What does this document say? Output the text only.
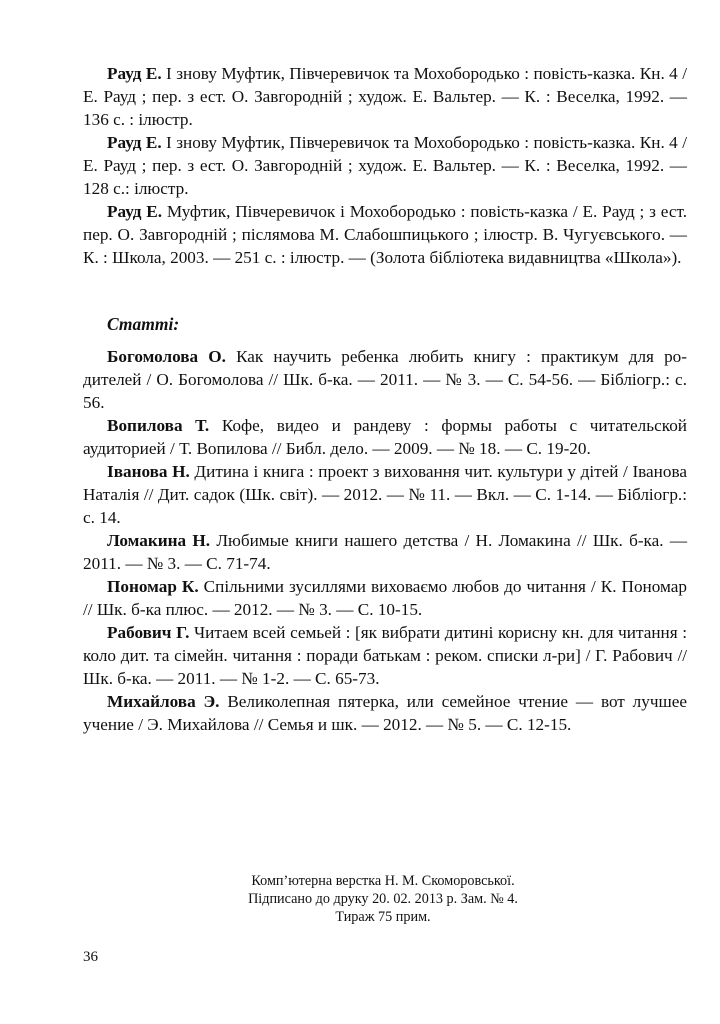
Рауд Е. І знову Муфтик, Півчеревичок та Мохобородько : повість-казка. Кн. 4 / Е. Рауд ; пер. з ест. О. Завгородній ; худож. Е. Вальтер. — К. : Веселка, 1992. — 136 с. : ілюстр.

Рауд Е. І знову Муфтик, Півчеревичок та Мохобородько : повість-казка. Кн. 4 / Е. Рауд ; пер. з ест. О. Завгородній ; худож. Е. Вальтер. — К. : Веселка, 1992. — 128 с.: ілюстр.

Рауд Е. Муфтик, Півчеревичок і Мохобородько : повість-казка / Е. Рауд ; з ест. пер. О. Завгородній ; післямова М. Слабошпицького ; ілюстр. В. Чугуєвського. — К. : Школа, 2003. — 251 с. : ілюстр. — (Золота бібліотека видавництва «Школа»).

Статті:

Богомолова О. Как научить ребенка любить книгу : практикум для ро-дителей / О. Богомолова // Шк. б-ка. — 2011. — № 3. — С. 54-56. — Бібліогр.: с. 56.

Вопилова Т. Кофе, видео и рандеву : формы работы с читательской аудиторией / Т. Вопилова // Библ. дело. — 2009. — № 18. — С. 19-20.

Іванова Н. Дитина і книга : проект з виховання чит. культури у дітей / Іванова Наталія // Дит. садок (Шк. світ). — 2012. — № 11. — Вкл. — С. 1-14. — Бібліогр.: с. 14.

Ломакина Н. Любимые книги нашего детства / Н. Ломакина // Шк. б-ка. — 2011. — № 3. — С. 71-74.

Пономар К. Спільними зусиллями виховаємо любов до читання / К. Пономар // Шк. б-ка плюс. — 2012. — № 3. — С. 10-15.

Рабович Г. Читаем всей семьей : [як вибрати дитині корисну кн. для читання : коло дит. та сімейн. читання : поради батькам : реком. списки л-ри] / Г. Рабович // Шк. б-ка. — 2011. — № 1-2. — С. 65-73.

Михайлова Э. Великолепная пятерка, или семейное чтение — вот лучшее учение / Э. Михайлова // Семья и шк. — 2012. — № 5. — С. 12-15.

Комп’ютерна верстка Н. М. Скоморовської.
Підписано до друку 20. 02. 2013 р. Зам. № 4.
Тираж 75 прим.
36
